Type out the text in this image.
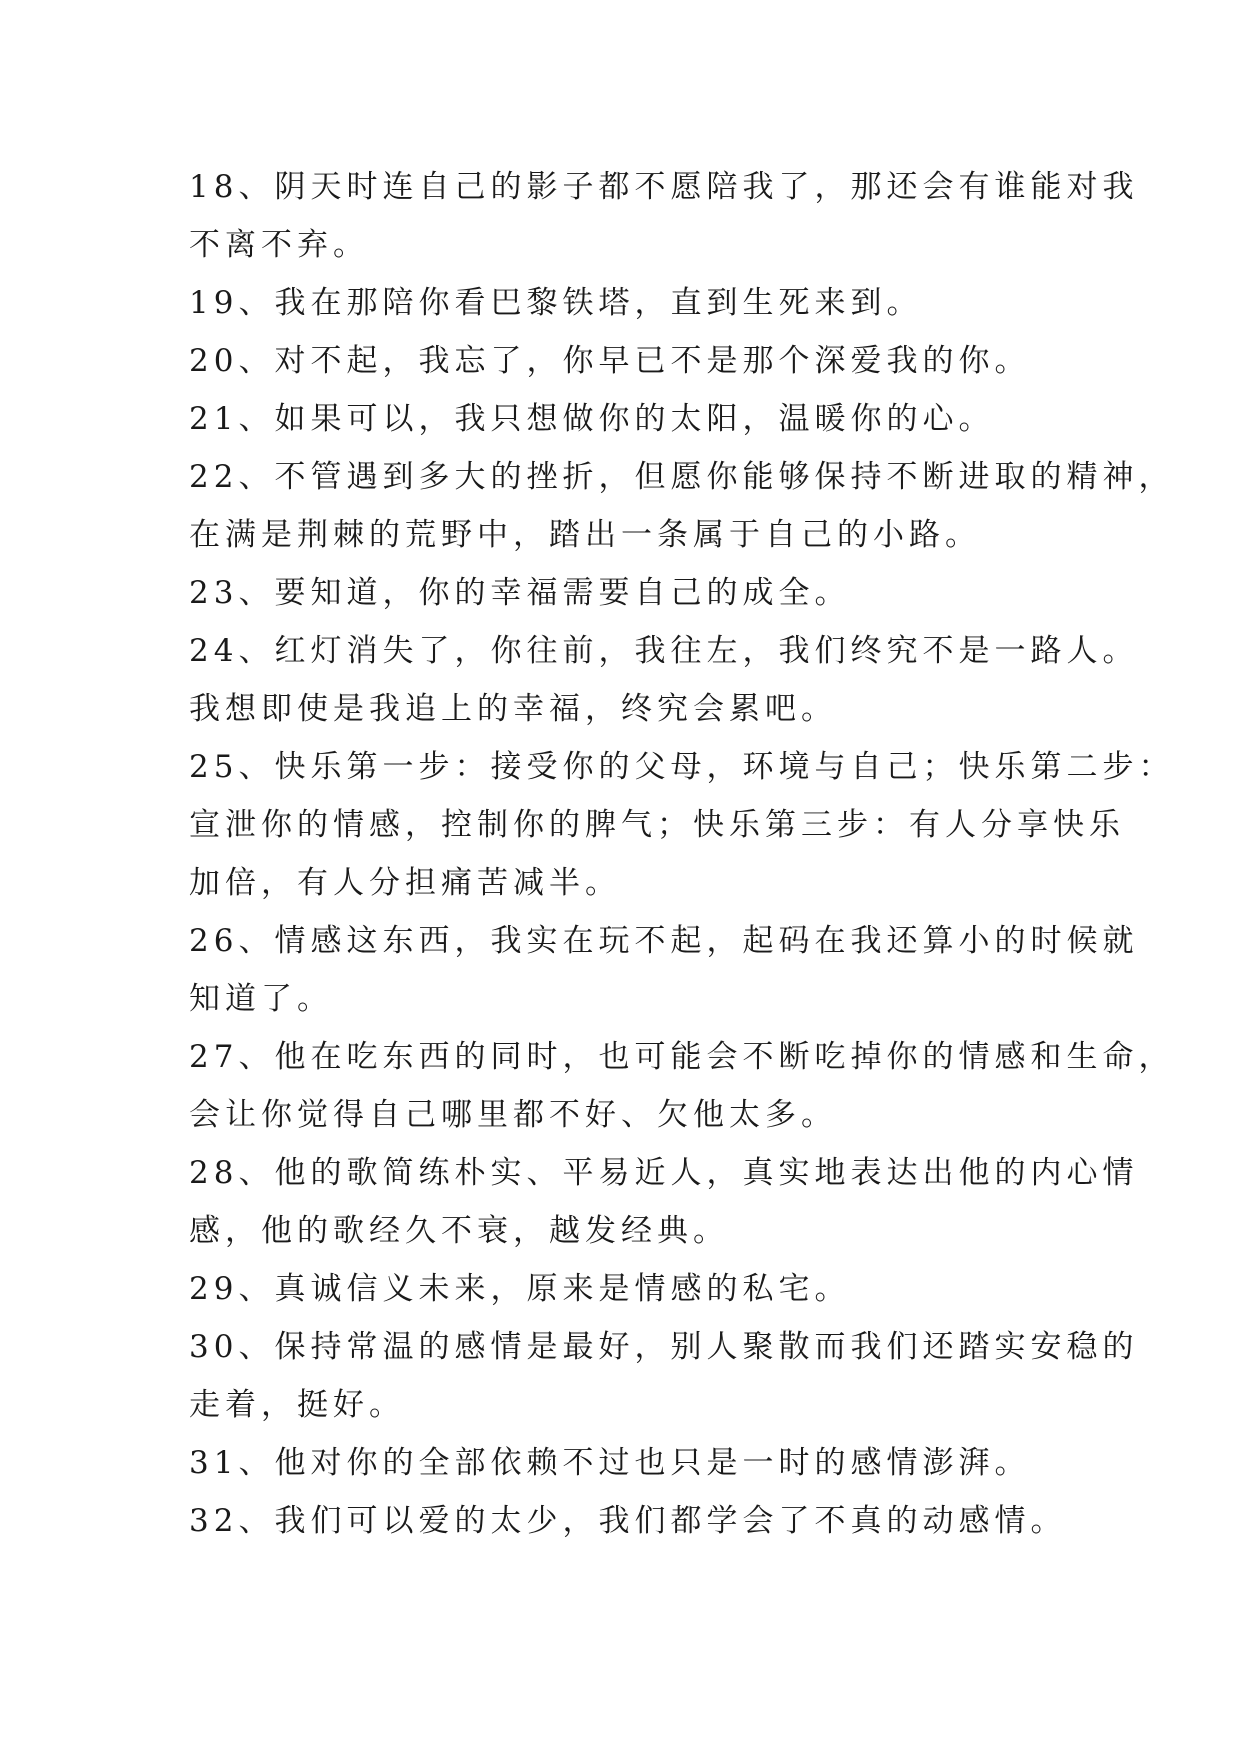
18、阴天时连自己的影子都不愿陪我了，那还会有谁能对我
不离不弃。
19、我在那陪你看巴黎铁塔，直到生死来到。
20、对不起，我忘了，你早已不是那个深爱我的你。
21、如果可以，我只想做你的太阳，温暖你的心。
22、不管遇到多大的挫折，但愿你能够保持不断进取的精神，
在满是荆棘的荒野中，踏出一条属于自己的小路。
23、要知道，你的幸福需要自己的成全。
24、红灯消失了，你往前，我往左，我们终究不是一路人。
我想即使是我追上的幸福，终究会累吧。
25、快乐第一步：接受你的父母，环境与自己；快乐第二步：
宣泄你的情感，控制你的脾气；快乐第三步：有人分享快乐
加倍，有人分担痛苦减半。
26、情感这东西，我实在玩不起，起码在我还算小的时候就
知道了。
27、他在吃东西的同时，也可能会不断吃掉你的情感和生命，
会让你觉得自己哪里都不好、欠他太多。
28、他的歌简练朴实、平易近人，真实地表达出他的内心情
感，他的歌经久不衰，越发经典。
29、真诚信义未来，原来是情感的私宅。
30、保持常温的感情是最好，别人聚散而我们还踏实安稳的
走着，挺好。
31、他对你的全部依赖不过也只是一时的感情澎湃。
32、我们可以爱的太少，我们都学会了不真的动感情。
